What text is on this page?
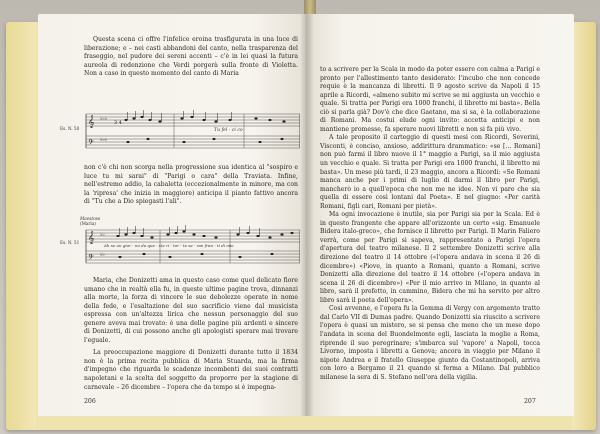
Questa scena ci offre l'infelice eroina trasfigurata in una luce di liberazione; e – nei casti abbandoni del canto, nella trasparenza del fraseggio, nel pudore dei sereni accenti – c'è in lei quasi la futura aureola di redenzione che Verdi porgerà sulla fronte di Violetta. Non a caso in questo momento del canto di Maria

Es. N. 50
𝄞
𝄢
♭♭♭
♭♭♭
3 4
Tu fel - ci co

non c'è chi non scorga nella progressione sua identica al "sospiro e luce tu mi sarai" di "Parigi o cara" della Traviata. Infine, nell'estremo addio, la cabaletta (eccezionalmente in minore, ma con la 'ripresa' che inizia in maggiore) anticipa il pianto fattivo ancora di "Tu che a Dio spiegasti l'ali".

Maestoso
(Maria)
Es. N. 51 𝄞
𝄢
♭♭
♭♭
Ah se un gior - no da que - ste ri - tor - te sa - ran fran - ti di mie

Maria, che Donizetti ama in questo caso come quel delicato fiore umano che in realtà ella fu, in queste ultime pagine trova, dinnanzi alla morte, la forza di vincere le sue debolezze operate in nome della fede, e l'esaltazione del suo sacrificio viene dal musicista espressa con un'altezza lirica che nessun personaggio del suo genere aveva mai trovato: è una delle pagine più ardenti e sincere di Donizetti, di cui possono anche gli apologisti sperare mai trovare l'eguale.

La preoccupazione maggiore di Donizetti durante tutto il 1834 non è la prima recita pubblica di Maria Stuarda, ma la firma d'impegno che riguarda le scadenze incombenti dei suoi contratti napoletani e la scelta del soggetto da proporre per la stagione di carnevale – 26 dicembre – l'opera che da tempo si è impegna-

206

to a scrivere per la Scala in modo da poter essere con calma a Parigi e pronto per l'allestimento tanto desiderato: l'incubo che non concede requie è la mancanza di libretti. Il 9 agosto scrive da Napoli il 15 aprile a Ricordi, «almeno subito mi scrive se mi aggiusta un vecchio e quale. Si tratta per Parigi era 1000 franchi, il libretto mi basta». Bella ciò si parla già? Dov'è che dice Gaetano, ma si sa, è la collaborazione di Romani. Ma costui elude ogni invito: accetta anticipi e non mantiene promesse, fa sperare nuovi libretti e non si fa più vivo.

A tale proposito il carteggio di questi mesi con Ricordi, Severini, Visconti, è conciso, ansioso, addirittura drammatico: «se [... Romani] non può farmi il libro nuove il 1° maggio a Parigi, sa il mio aggiusta un vecchio e quale. Si tratta per Parigi era 1000 franchi, il libretto mi basta». Un mese più tardi, il 23 maggio, ancora a Ricordi: «Se Romani manca anche per i primi di luglio di darmi il libro per Parigi, mancherò io a quell'epoca che non me ne idee. Non vi pare che sia quella di essere così lontani dal Poeta». E nel giugno: «Per carità Romani, figli cari, Romani per pietà».

Ma ogni invocazione è inutile, sia per Parigi sia per la Scala. Ed è in questo frangente che appare all'orizzonte un certo «sig. Emanuele Bidera italo-greco», che fornisce il libretto per Parigi. Il Marin Faliero verrà, come per Parigi si sapeva, rappresentato a Parigi l'opera d'apertura del teatro milanese. Il 2 settembre Donizetti scrive alla direzione del teatro il 14 ottobre («l'opera andava in scena il 26 di dicembre») «Piove, in quanto a Romani, quanto a Romani, scrive Donizetti alla direzione del teatro il 14 ottobre («l'opera andava in scena il 26 di dicembre») «Per il mio arrivo in Milano, in quanto al libro, sarà il prefetto, in cammino, Bidera che mi ha servito per altro libro sarà il poeta dell'opera».

Così avvenne, e l'opera fu la Gemma di Vergy con argomento tratto dal Carlo VII di Dumas padre. Quando Donizetti sia riuscito a scrivere l'opera è quasi un mistero, se si pensa che meno che un mese dopo l'andata in scena del Buondelmonte egli, lasciata la moglie a Roma, riprende il suo peregrinare; s'imbarca sul 'vapore' a Napoli, tocca Livorno, imposta i libretti a Genova; ancora in viaggio per Milano il nipote Andrea e il fratello Giuseppe giunto da Costantinopoli, arriva con loro a Bergamo il 21 quando si ferma a Milano. Dal pubblico milanese la sera di S. Stefano nell'ora della vigilia.

207
